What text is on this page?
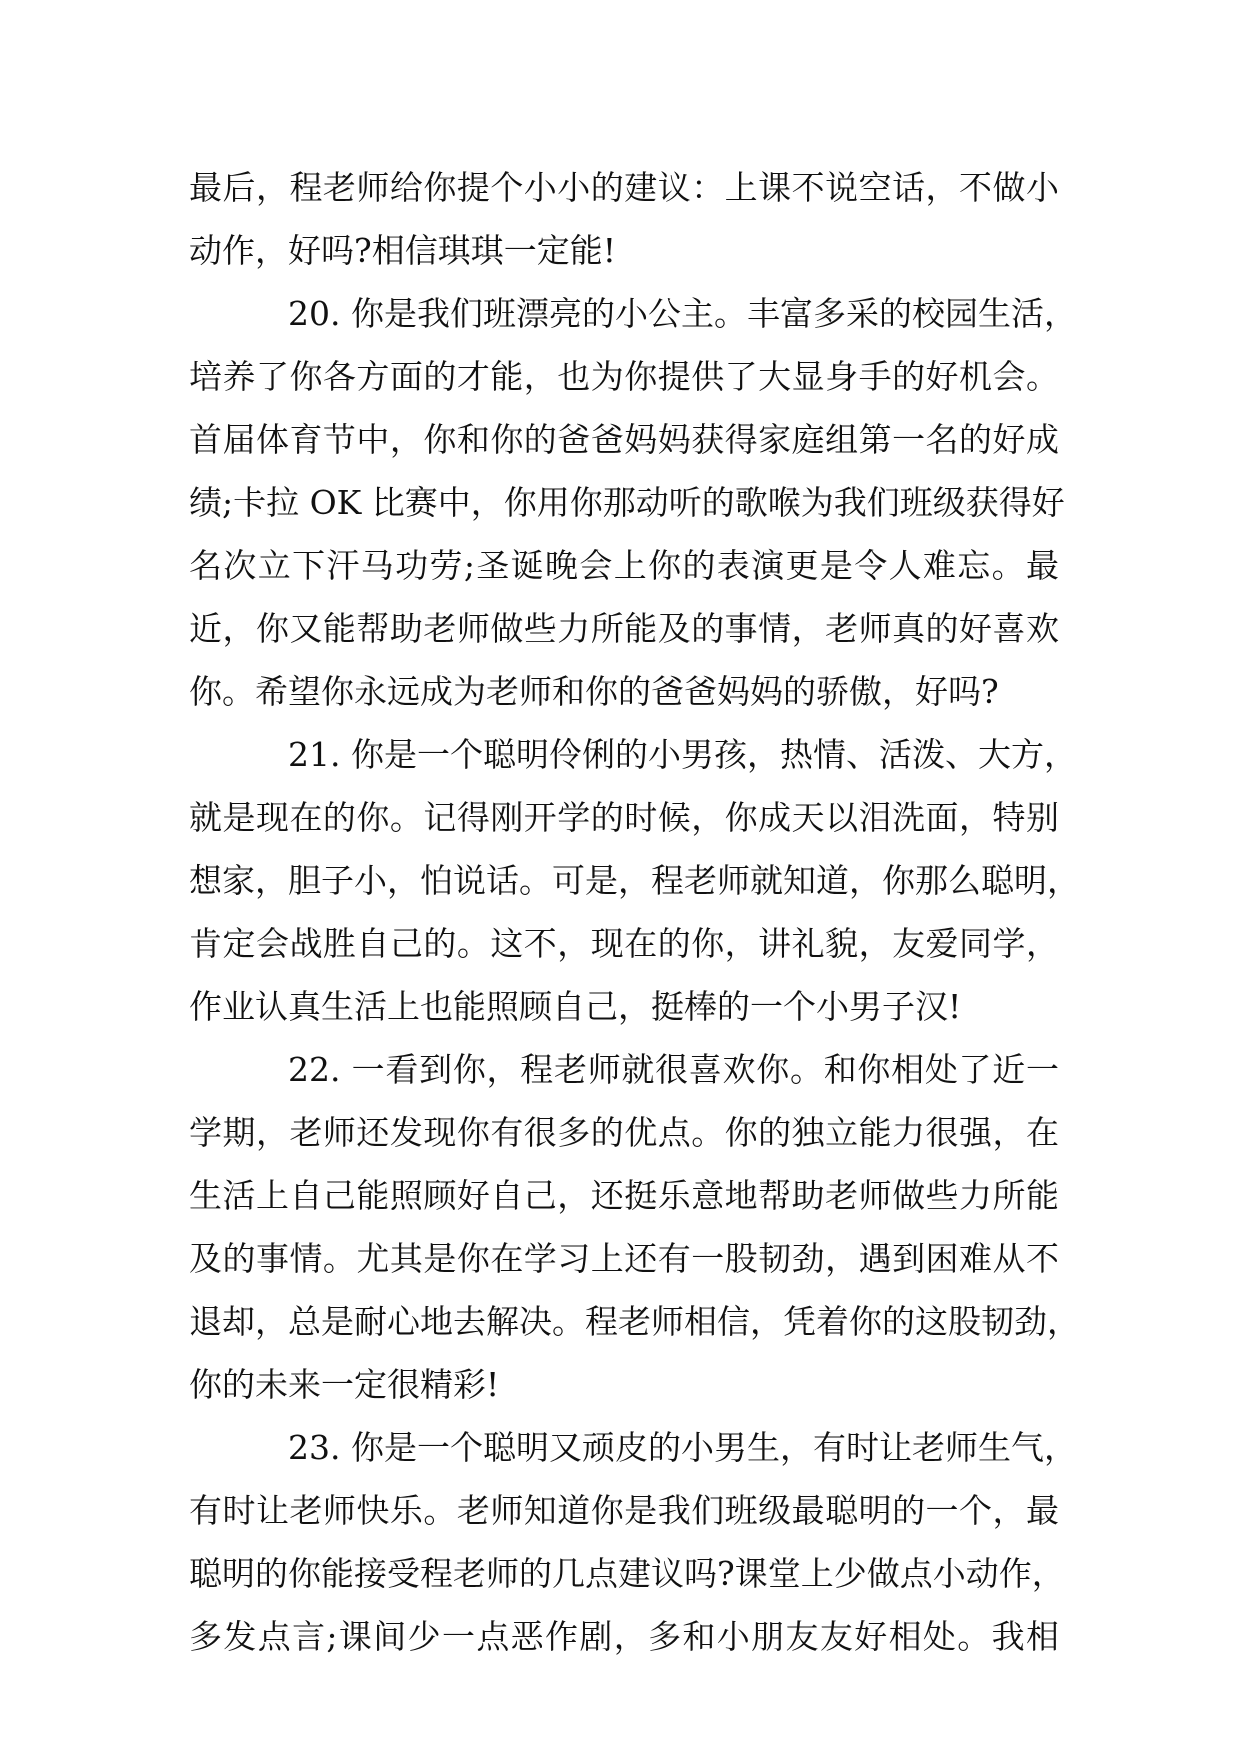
最后，程老师给你提个小小的建议：上课不说空话，不做小
动作，好吗?相信琪琪一定能!
20. 你是我们班漂亮的小公主。丰富多采的校园生活，
培养了你各方面的才能，也为你提供了大显身手的好机会。
首届体育节中，你和你的爸爸妈妈获得家庭组第一名的好成
绩;卡拉 OK 比赛中，你用你那动听的歌喉为我们班级获得好
名次立下汗马功劳;圣诞晚会上你的表演更是令人难忘。最
近，你又能帮助老师做些力所能及的事情，老师真的好喜欢
你。希望你永远成为老师和你的爸爸妈妈的骄傲，好吗?
21. 你是一个聪明伶俐的小男孩，热情、活泼、大方，
就是现在的你。记得刚开学的时候，你成天以泪洗面，特别
想家，胆子小，怕说话。可是，程老师就知道，你那么聪明，
肯定会战胜自己的。这不，现在的你，讲礼貌，友爱同学，
作业认真生活上也能照顾自己，挺棒的一个小男子汉!
22. 一看到你，程老师就很喜欢你。和你相处了近一
学期，老师还发现你有很多的优点。你的独立能力很强，在
生活上自己能照顾好自己，还挺乐意地帮助老师做些力所能
及的事情。尤其是你在学习上还有一股韧劲，遇到困难从不
退却，总是耐心地去解决。程老师相信，凭着你的这股韧劲，
你的未来一定很精彩!
23. 你是一个聪明又顽皮的小男生，有时让老师生气，
有时让老师快乐。老师知道你是我们班级最聪明的一个，最
聪明的你能接受程老师的几点建议吗?课堂上少做点小动作，
多发点言;课间少一点恶作剧，多和小朋友友好相处。我相
